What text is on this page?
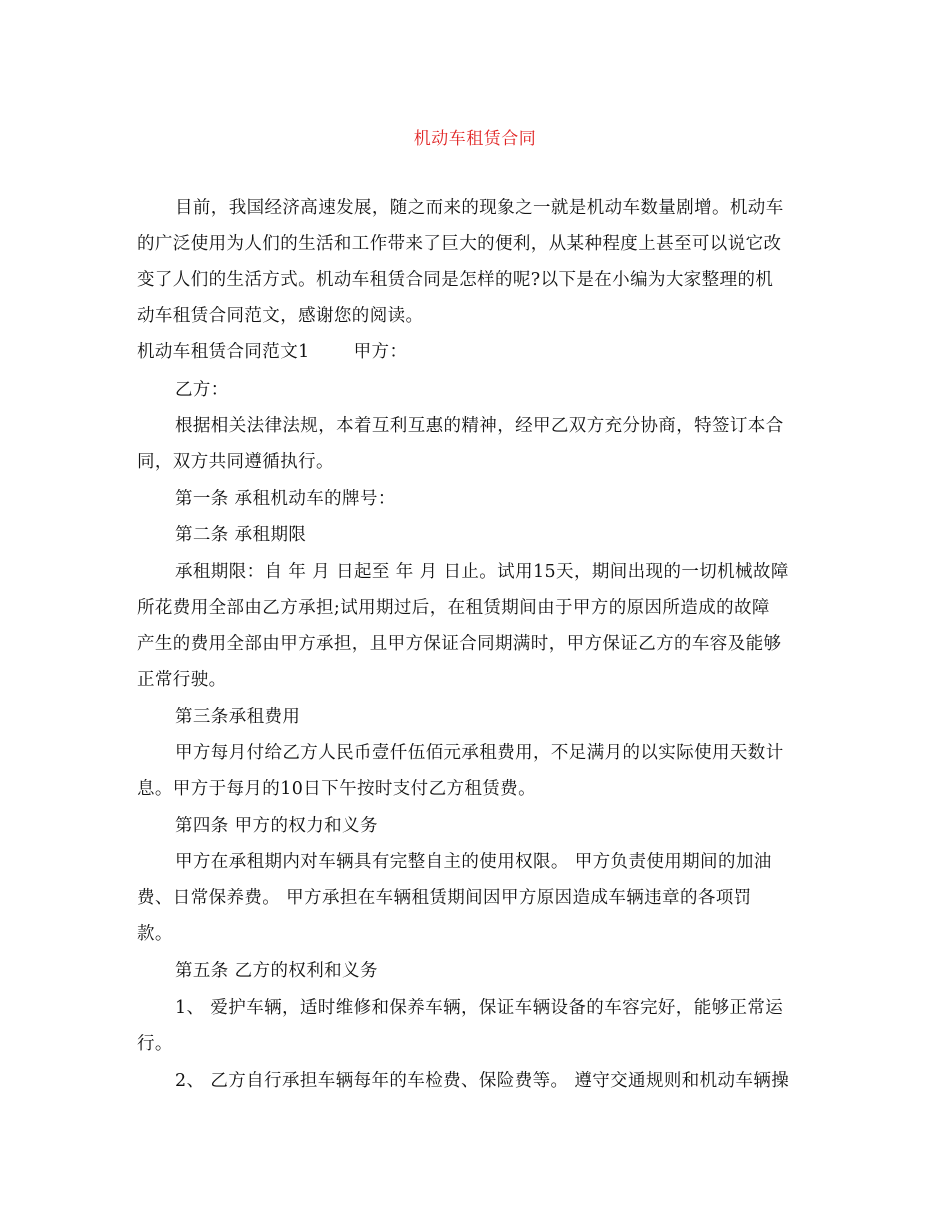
机动车租赁合同
目前，我国经济高速发展，随之而来的现象之一就是机动车数量剧增。机动车
的广泛使用为人们的生活和工作带来了巨大的便利，从某种程度上甚至可以说它改
变了人们的生活方式。机动车租赁合同是怎样的呢?以下是在小编为大家整理的机
动车租赁合同范文，感谢您的阅读。
机动车租赁合同范文1	甲方：
乙方：
根据相关法律法规，本着互利互惠的精神，经甲乙双方充分协商，特签订本合
同，双方共同遵循执行。
第一条 承租机动车的牌号：
第二条 承租期限
承租期限：自 年 月 日起至 年 月 日止。试用15天，期间出现的一切机械故障
所花费用全部由乙方承担;试用期过后，在租赁期间由于甲方的原因所造成的故障
产生的费用全部由甲方承担，且甲方保证合同期满时，甲方保证乙方的车容及能够
正常行驶。
第三条承租费用
甲方每月付给乙方人民币壹仟伍佰元承租费用，不足满月的以实际使用天数计
息。甲方于每月的10日下午按时支付乙方租赁费。
第四条 甲方的权力和义务
甲方在承租期内对车辆具有完整自主的使用权限。 甲方负责使用期间的加油
费、日常保养费。 甲方承担在车辆租赁期间因甲方原因造成车辆违章的各项罚
款。
第五条 乙方的权利和义务
1、 爱护车辆，适时维修和保养车辆，保证车辆设备的车容完好，能够正常运
行。
2、 乙方自行承担车辆每年的车检费、保险费等。 遵守交通规则和机动车辆操
